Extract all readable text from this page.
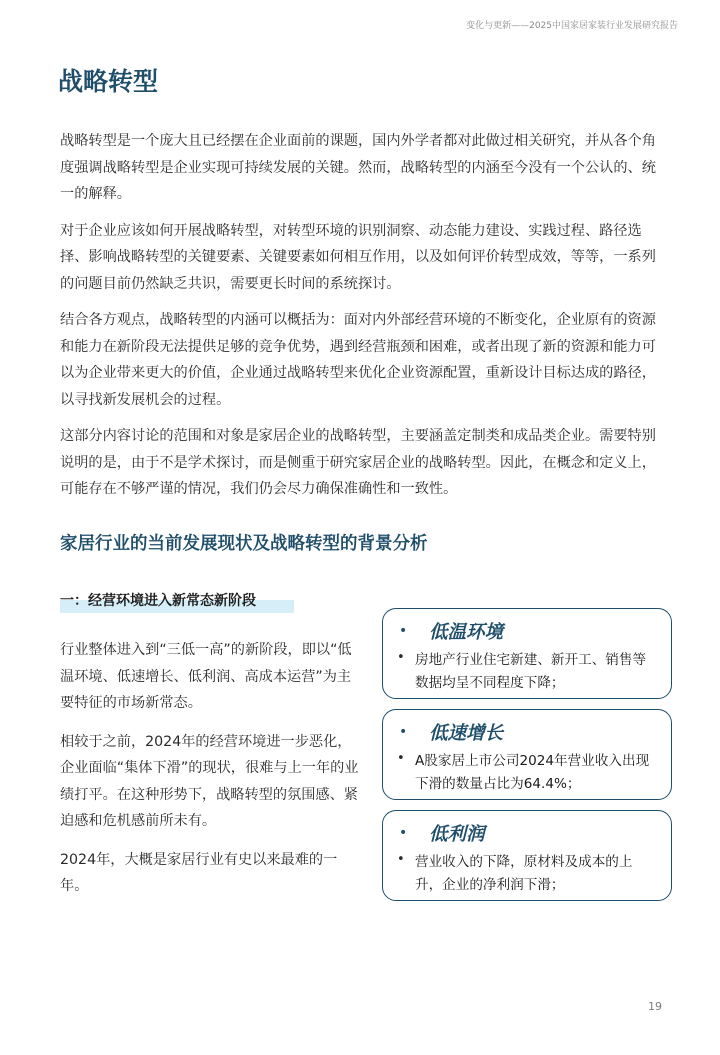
变化与更新——2025中国家居家装行业发展研究报告
战略转型

战略转型是一个庞大且已经摆在企业面前的课题，国内外学者都对此做过相关研究，并从各个角度强调战略转型是企业实现可持续发展的关键。然而，战略转型的内涵至今没有一个公认的、统一的解释。

对于企业应该如何开展战略转型，对转型环境的识别洞察、动态能力建设、实践过程、路径选择、影响战略转型的关键要素、关键要素如何相互作用，以及如何评价转型成效，等等，一系列的问题目前仍然缺乏共识，需要更长时间的系统探讨。

结合各方观点，战略转型的内涵可以概括为：面对内外部经营环境的不断变化，企业原有的资源和能力在新阶段无法提供足够的竞争优势，遇到经营瓶颈和困难，或者出现了新的资源和能力可以为企业带来更大的价值，企业通过战略转型来优化企业资源配置，重新设计目标达成的路径，以寻找新发展机会的过程。

这部分内容讨论的范围和对象是家居企业的战略转型，主要涵盖定制类和成品类企业。需要特别说明的是，由于不是学术探讨，而是侧重于研究家居企业的战略转型。因此，在概念和定义上，可能存在不够严谨的情况，我们仍会尽力确保准确性和一致性。

家居行业的当前发展现状及战略转型的背景分析
一：经营环境进入新常态新阶段

行业整体进入到“三低一高”的新阶段，即以“低温环境、低速增长、低利润、高成本运营”为主要特征的市场新常态。

相较于之前，2024年的经营环境进一步恶化，企业面临“集体下滑”的现状，很难与上一年的业绩打平。在这种形势下，战略转型的氛围感、紧迫感和危机感前所未有。

2024年，大概是家居行业有史以来最难的一年。

•	低温环境
• 房地产行业住宅新建、新开工、销售等数据均呈不同程度下降；
•	低速增长
• A股家居上市公司2024年营业收入出现下滑的数量占比为64.4%；
•	低利润
• 营业收入的下降，原材料及成本的上升，企业的净利润下滑；
19
